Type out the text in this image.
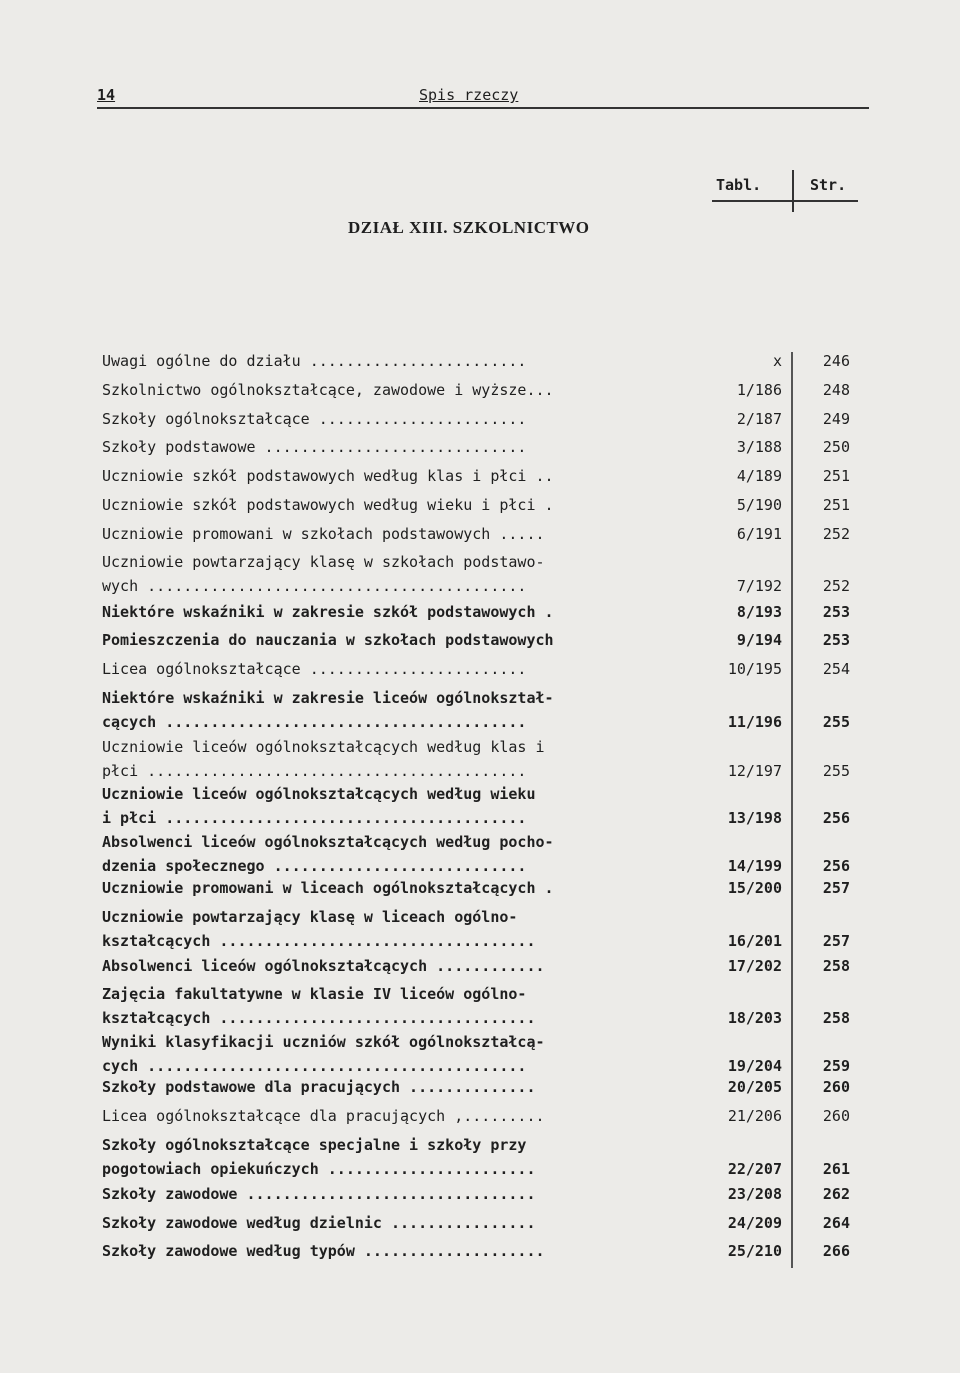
14	Spis rzeczy
Tabl.	Str.
DZIAŁ XIII. SZKOLNICTWO
Uwagi ogólne do działu ........................	x	246
Szkolnictwo ogólnokształcące, zawodowe i wyższe...	1/186	248
Szkoły ogólnokształcące .......................	2/187	249
Szkoły podstawowe .............................	3/188	250
Uczniowie szkół podstawowych według klas i płci ..	4/189	251
Uczniowie szkół podstawowych według wieku i płci .	5/190	251
Uczniowie promowani w szkołach podstawowych .....	6/191	252
Uczniowie powtarzający klasę w szkołach podstawo-
wych ..........................................	7/192	252
Niektóre wskaźniki w zakresie szkół podstawowych .	8/193	253
Pomieszczenia do nauczania w szkołach podstawowych	9/194	253
Licea ogólnokształcące ........................	10/195	254
Niektóre wskaźniki w zakresie liceów ogólnokształ-
cących ........................................	11/196	255
Uczniowie liceów ogólnokształcących według klas i
płci ..........................................	12/197	255
Uczniowie liceów ogólnokształcących według wieku
i płci ........................................	13/198	256
Absolwenci liceów ogólnokształcących według pocho-
dzenia społecznego ............................	14/199	256
Uczniowie promowani w liceach ogólnokształcących .	15/200	257
Uczniowie powtarzający klasę w liceach ogólno-
kształcących ...................................	16/201	257
Absolwenci liceów ogólnokształcących ............	17/202	258
Zajęcia fakultatywne w klasie IV liceów ogólno-
kształcących ...................................	18/203	258
Wyniki klasyfikacji uczniów szkół ogólnokształcą-
cych ..........................................	19/204	259
Szkoły podstawowe dla pracujących ..............	20/205	260
Licea ogólnokształcące dla pracujących ,.........	21/206	260
Szkoły ogólnokształcące specjalne i szkoły przy
pogotowiach opiekuńczych .......................	22/207	261
Szkoły zawodowe ................................	23/208	262
Szkoły zawodowe według dzielnic ................	24/209	264
Szkoły zawodowe według typów ....................	25/210	266
